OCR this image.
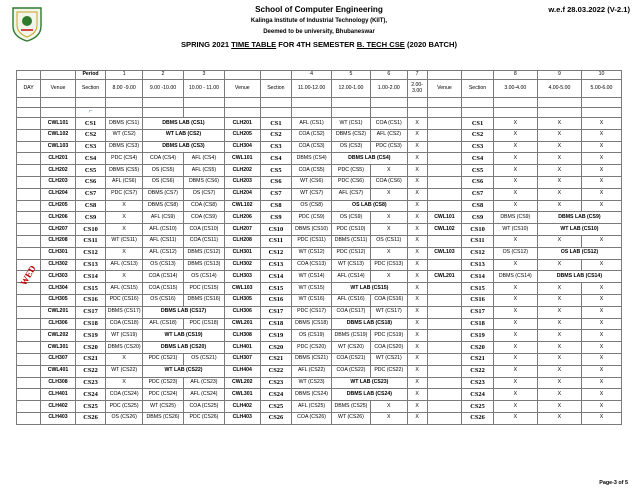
School of Computer Engineering
Kalinga Institute of Industrial Technology (KIIT),
Deemed to be university, Bhubaneswar
SPRING 2021 TIME TABLE FOR 4TH SEMESTER B. TECH CSE (2020 BATCH)
w.e.f 28.03.2022 (V-2.1)
		Period	1	2	3			4	5	6	7			8	9	10
DAY	Venue	Section	8.00 -9.00	9.00 -10.00	10.00 - 11.00	Venue	Section	11.00-12.00	12.00-1.00	1.00-2.00	2.00-3.00	Venue	Section	3.00-4.00	4.00-5.00	5.00-6.00

		⌐														
	CWL101	CS1	DBMS (CS1)	DBMS LAB (CS1)		CLH201	CS1	AFL (CS1)	WT (CS1)	COA (CS1)	X		CS1	X	X	X
	CWL102	CS2	WT (CS2)	WT LAB (CS2)		CLH205	CS2	COA (CS2)	DBMS (CS2)	AFL (CS2)	X		CS2	X	X	X
	CWL103	CS3	DBMS (CS3)	DBMS LAB (CS3)		CLH304	CS3	COA (CS3)	OS (CS3)	PDC (CS3)	X		CS3	X	X	X
	CLH201	CS4	PDC (CS4)	COA (CS4)	AFL (CS4)	CWL101	CS4	DBMS (CS4)	DBMS LAB (CS4)		X		CS4	X	X	X
	CLH202	CS5	DBMS (CS5)	OS (CS5)	AFL (CS5)	CLH202	CS5	COA (CS5)	PDC (CS5)	X	X		CS5	X	X	X
	CLH203	CS6	AFL (CS6)	OS (CS6)	DBMS (CS6)	CLH203	CS6	WT (CS6)	PDC (CS6)	COA (CS6)	X		CS6	X	X	X
	CLH204	CS7	PDC (CS7)	DBMS (CS7)	OS (CS7)	CLH204	CS7	WT (CS7)	AFL (CS7)	X	X		CS7	X	X	X
	CLH205	CS8	X	DBMS (CS8)	COA (CS8)	CWL102	CS8	OS (CS8)	OS LAB (CS8)		X		CS8	X	X	X
	CLH206	CS9	X	AFL (CS9)	COA (CS9)	CLH206	CS9	PDC (CS9)	OS (CS9)	X	X	CWL101	CS9	DBMS (CS9)	DBMS LAB (CS9)	
	CLH207	CS10	X	AFL (CS10)	COA (CS10)	CLH207	CS10	DBMS (CS10)	PDC (CS10)	X	X	CWL102	CS10	WT (CS10)	WT LAB (CS10)	
	CLH208	CS11	WT (CS11)	AFL (CS11)	COA (CS11)	CLH208	CS11	PDC (CS11)	DBMS (CS11)	OS (CS11)	X		CS11	X	X	X
	CLH301	CS12	X	AFL (CS12)	DBMS (CS12)	CLH301	CS12	WT (CS12)	PDC (CS12)	X	X	CWL103	CS12	OS (CS12)	OS LAB (CS12)	
	CLH302	CS13	AFL (CS13)	OS (CS13)	DBMS (CS13)	CLH302	CS13	COA (CS13)	WT (CS13)	PDC (CS13)	X		CS13	X	X	X
WED	CLH303	CS14	X	COA (CS14)	OS (CS14)	CLH303	CS14	WT (CS14)	AFL (CS14)	X	X	CWL201	CS14	DBMS (CS14)	DBMS LAB (CS14)	
	CLH304	CS15	AFL (CS15)	COA (CS15)	PDC (CS15)	CWL103	CS15	WT (CS15)	WT LAB (CS15)		X		CS15	X	X	X
	CLH305	CS16	PDC (CS16)	OS (CS16)	DBMS (CS16)	CLH305	CS16	WT (CS16)	AFL (CS16)	COA (CS16)	X		CS16	X	X	X
	CWL201	CS17	DBMS (CS17)	DBMS LAB (CS17)		CLH306	CS17	PDC (CS17)	COA (CS17)	WT (CS17)	X		CS17	X	X	X
	CLH306	CS18	COA (CS18)	AFL (CS18)	PDC (CS18)	CWL201	CS18	DBMS (CS18)	DBMS LAB (CS18)		X		CS18	X	X	X
	CWL202	CS19	WT (CS19)	WT LAB (CS19)		CLH308	CS19	OS (CS19)	DBMS (CS19)	PDC (CS19)	X		CS19	X	X	X
	CWL301	CS20	DBMS (CS20)	DBMS LAB (CS20)		CLH401	CS20	PDC (CS20)	WT (CS20)	COA (CS20)	X		CS20	X	X	X
	CLH307	CS21	X	PDC (CS21)	OS (CS21)	CLH307	CS21	DBMS (CS21)	COA (CS21)	WT (CS21)	X		CS21	X	X	X
	CWL401	CS22	WT (CS22)	WT LAB (CS22)		CLH404	CS22	AFL (CS22)	COA (CS22)	PDC (CS22)	X		CS22	X	X	X
	CLH308	CS23	X	PDC (CS23)	AFL (CS23)	CWL202	CS23	WT (CS23)	WT LAB (CS23)		X		CS23	X	X	X
	CLH401	CS24	COA (CS24)	PDC (CS24)	AFL (CS24)	CWL301	CS24	DBMS (CS24)	DBMS LAB (CS24)		X		CS24	X	X	X
	CLH402	CS25	PDC (CS25)	WT (CS25)	COA (CS25)	CLH402	CS25	AFL (CS25)	DBMS (CS25)	X	X		CS25	X	X	X
	CLH403	CS26	OS (CS26)	DBMS (CS26)	PDC (CS26)	CLH403	CS26	COA (CS26)	WT (CS26)	X	X		CS26	X	X	X
Page-3 of 5
